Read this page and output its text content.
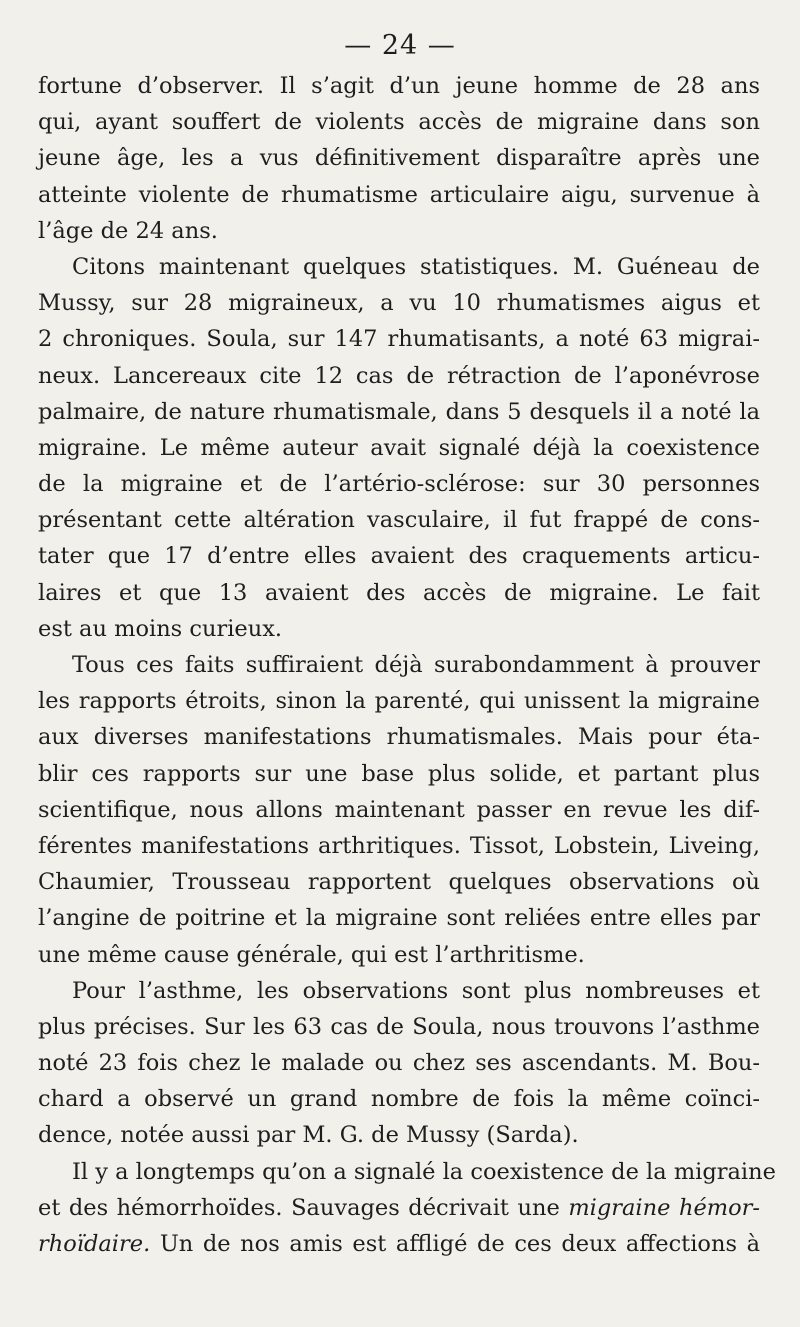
— 24 —
fortune d’observer. Il s’agit d’un jeune homme de 28 ans
qui, ayant souffert de violents accès de migraine dans son
jeune âge, les a vus définitivement disparaître après une
atteinte violente de rhumatisme articulaire aigu, survenue à
l’âge de 24 ans.
Citons maintenant quelques statistiques. M. Guéneau de
Mussy, sur 28 migraineux, a vu 10 rhumatismes aigus et
2 chroniques. Soula, sur 147 rhumatisants, a noté 63 migrai-
neux. Lancereaux cite 12 cas de rétraction de l’aponévrose
palmaire, de nature rhumatismale, dans 5 desquels il a noté la
migraine. Le même auteur avait signalé déjà la coexistence
de la migraine et de l’artério-sclérose: sur 30 personnes
présentant cette altération vasculaire, il fut frappé de cons-
tater que 17 d’entre elles avaient des craquements articu-
laires et que 13 avaient des accès de migraine. Le fait
est au moins curieux.
Tous ces faits suffiraient déjà surabondamment à prouver
les rapports étroits, sinon la parenté, qui unissent la migraine
aux diverses manifestations rhumatismales. Mais pour éta-
blir ces rapports sur une base plus solide, et partant plus
scientifique, nous allons maintenant passer en revue les dif-
férentes manifestations arthritiques. Tissot, Lobstein, Liveing,
Chaumier, Trousseau rapportent quelques observations où
l’angine de poitrine et la migraine sont reliées entre elles par
une même cause générale, qui est l’arthritisme.
Pour l’asthme, les observations sont plus nombreuses et
plus précises. Sur les 63 cas de Soula, nous trouvons l’asthme
noté 23 fois chez le malade ou chez ses ascendants. M. Bou-
chard a observé un grand nombre de fois la même coïnci-
dence, notée aussi par M. G. de Mussy (Sarda).
Il y a longtemps qu’on a signalé la coexistence de la migraine
et des hémorrhoïdes. Sauvages décrivait une migraine hémor-
rhoïdaire. Un de nos amis est affligé de ces deux affections à
